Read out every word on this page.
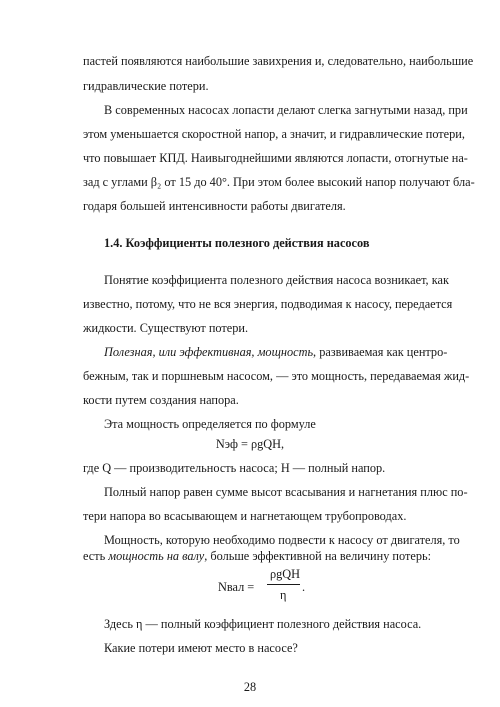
пастей появляются наибольшие завихрения и, следовательно, наибольшие
гидравлические потери.
В современных насосах лопасти делают слегка загнутыми назад, при
этом уменьшается скоростной напор, а значит, и гидравлические потери,
что повышает КПД. Наивыгоднейшими являются лопасти, отогнутые на-
зад с углами β₂ от 15 до 40°. При этом более высокий напор получают бла-
годаря большей интенсивности работы двигателя.
1.4. Коэффициенты полезного действия насосов
Понятие коэффициента полезного действия насоса возникает, как
известно, потому, что не вся энергия, подводимая к насосу, передается
жидкости. Существуют потери.
Полезная, или эффективная, мощность, развиваемая как центро-
бежным, так и поршневым насосом, — это мощность, передаваемая жид-
кости путем создания напора.
Эта мощность определяется по формуле
Nэф = ρgQH,
где Q — производительность насоса; H — полный напор.
Полный напор равен сумме высот всасывания и нагнетания плюс по-
тери напора во всасывающем и нагнетающем трубопроводах.
Мощность, которую необходимо подвести к насосу от двигателя, то
есть мощность на валу, больше эффективной на величину потерь:
Nвал =
ρgQH
η
.
Здесь η — полный коэффициент полезного действия насоса.
Какие потери имеют место в насосе?
28
